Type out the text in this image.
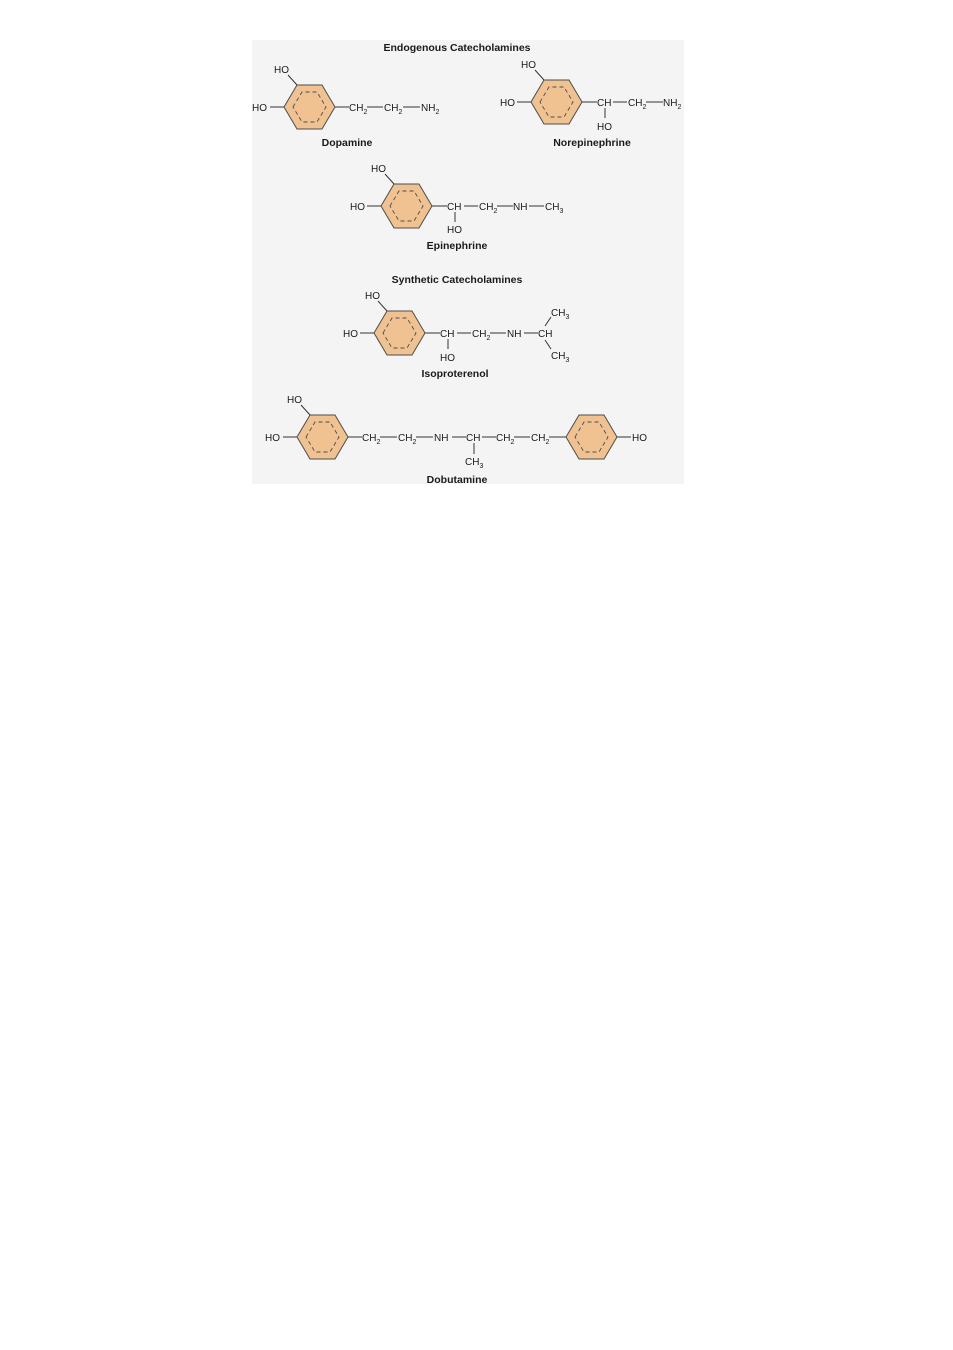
Endogenous Catecholamines
Synthetic Catecholamines
HO
HO	$CH_2$ $CH_2$ $NH_2$
Dopamine
HO
HO	CH $CH_2$ $NH_2$
HO
Norepinephrine
HO
HO	CH $CH_2$ NH $CH_3$
HO
Epinephrine
HO
HO	CH $CH_2$ NH CH
$CH_3$
$CH_3$
HO
Isoproterenol
HO
HO	$CH_2$ $CH_2$ NH CH $CH_2$ $CH_2$	HO
$CH_3$
Dobutamine
